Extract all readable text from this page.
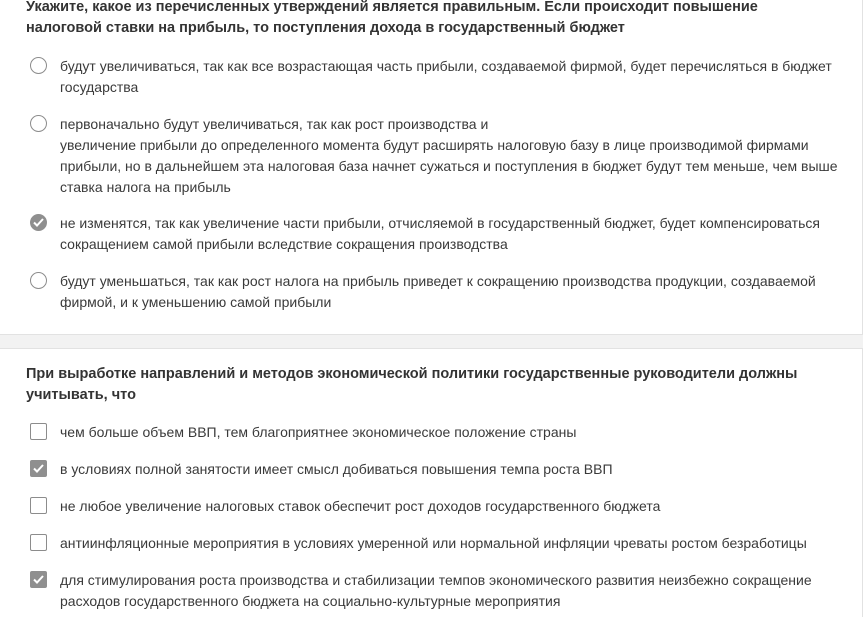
Укажите, какое из перечисленных утверждений является правильным. Если происходит повышение налоговой ставки на прибыль, то поступления дохода в государственный бюджет
будут увеличиваться, так как все возрастающая часть прибыли, создаваемой фирмой, будет перечисляться в бюджет государства
первоначально будут увеличиваться, так как рост производства и
увеличение прибыли до определенного момента будут расширять налоговую базу в лице производимой фирмами прибыли, но в дальнейшем эта налоговая база начнет сужаться и поступления в бюджет будут тем меньше, чем выше ставка налога на прибыль
не изменятся, так как увеличение части прибыли, отчисляемой в государственный бюджет, будет компенсироваться сокращением самой прибыли вследствие сокращения производства
будут уменьшаться, так как рост налога на прибыль приведет к сокращению производства продукции, создаваемой фирмой, и к уменьшению самой прибыли
При выработке направлений и методов экономической политики государственные руководители должны учитывать, что
чем больше объем ВВП, тем благоприятнее экономическое положение страны
в условиях полной занятости имеет смысл добиваться повышения темпа роста ВВП
не любое увеличение налоговых ставок обеспечит рост доходов государственного бюджета
антиинфляционные мероприятия в условиях умеренной или нормальной инфляции чреваты ростом безработицы
для стимулирования роста производства и стабилизации темпов экономического развития неизбежно сокращение расходов государственного бюджета на социально-культурные мероприятия
